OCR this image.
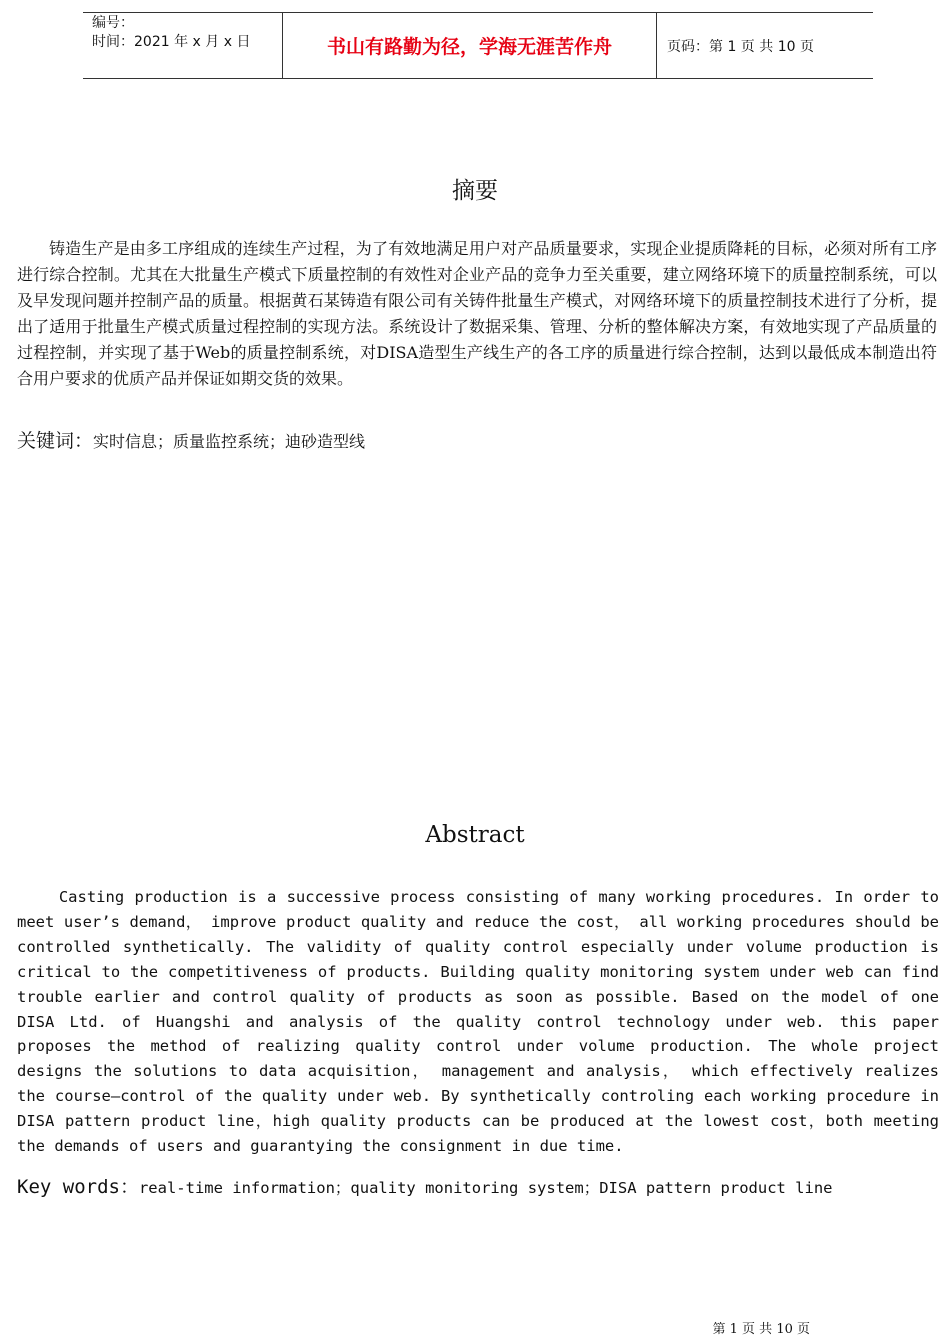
编号：
时间：2021 年 x 月 x 日	书山有路勤为径，学海无涯苦作舟	页码：第 1 页 共 10 页
摘要

铸造生产是由多工序组成的连续生产过程，为了有效地满足用户对产品质量要求，实现企业提质降耗的目标，必须对所有工序进行综合控制。尤其在大批量生产模式下质量控制的有效性对企业产品的竞争力至关重要，建立网络环境下的质量控制系统，可以及早发现问题并控制产品的质量。根据黄石某铸造有限公司有关铸件批量生产模式，对网络环境下的质量控制技术进行了分析，提出了适用于批量生产模式质量过程控制的实现方法。系统设计了数据采集、管理、分析的整体解决方案，有效地实现了产品质量的过程控制，并实现了基于Web的质量控制系统，对DISA造型生产线生产的各工序的质量进行综合控制，达到以最低成本制造出符合用户要求的优质产品并保证如期交货的效果。

关键词：实时信息；质量监控系统；迪砂造型线
Abstract

Casting production is a successive process consisting of many working procedures. In order to meet user’s demand， improve product quality and reduce the cost， all working procedures should be controlled synthetically. The validity of quality control especially under volume production is critical to the competitiveness of products. Building quality monitoring system under web can find trouble earlier and control quality of products as soon as possible. Based on the model of one DISA Ltd. of Huangshi and analysis of the quality control technology under web. this paper proposes the method of realizing quality control under volume production. The whole project designs the solutions to data acquisition， management and analysis， which effectively realizes the course—control of the quality under web. By synthetically controling each working procedure in DISA pattern product line，high quality products can be produced at the lowest cost，both meeting the demands of users and guarantying the consignment in due time.

Key words：real-time information；quality monitoring system；DISA pattern product line
第 1 页 共 10 页
